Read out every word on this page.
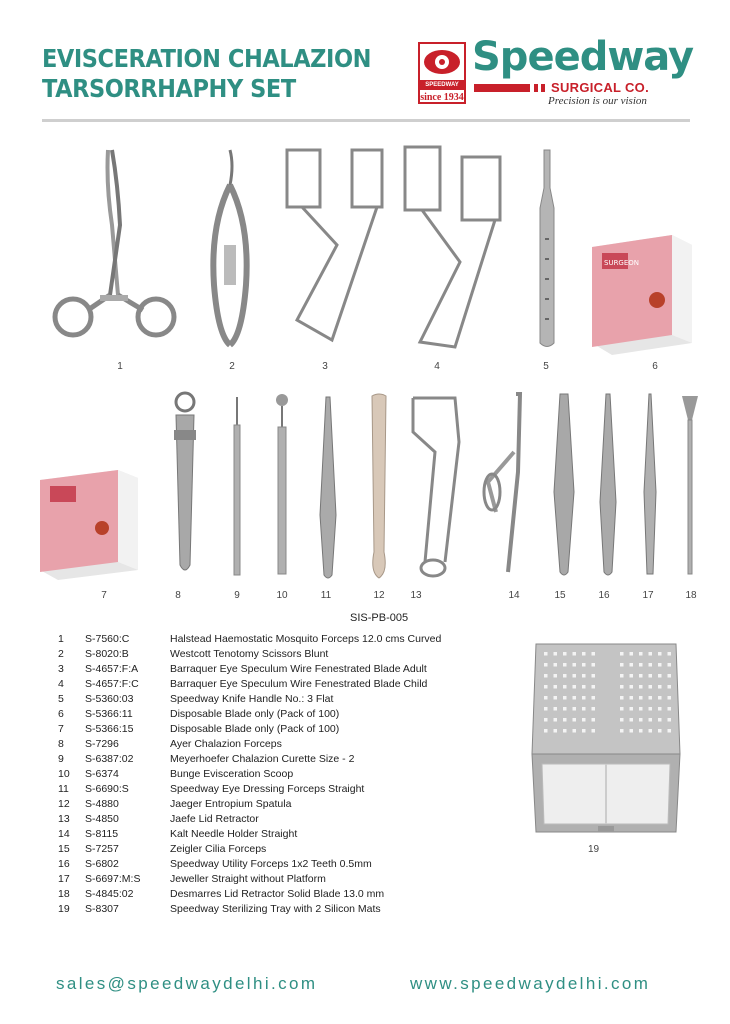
EVISCERATION CHALAZION
TARSORRHAPHY SET	SPEEDWAY
since 1934
Speedway
SURGICAL CO.
Precision is our vision
SURGEON
1	2	3	4	5	6
7	8	9	10	11	12	13	14	15	16	17	18
SIS-PB-005
1	S-7560:C	Halstead Haemostatic Mosquito Forceps 12.0 cms Curved
2	S-8020:B	Westcott Tenotomy Scissors Blunt
3	S-4657:F:A	Barraquer Eye Speculum Wire Fenestrated Blade Adult
4	S-4657:F:C	Barraquer Eye Speculum Wire Fenestrated Blade Child
5	S-5360:03	Speedway Knife Handle No.: 3 Flat
6	S-5366:11	Disposable Blade only (Pack of 100)
7	S-5366:15	Disposable Blade only (Pack of 100)
8	S-7296	Ayer Chalazion Forceps
9	S-6387:02	Meyerhoefer Chalazion Curette Size - 2
10	S-6374	Bunge Evisceration Scoop
11	S-6690:S	Speedway Eye Dressing Forceps Straight
12	S-4880	Jaeger Entropium Spatula
13	S-4850	Jaefe Lid Retractor
14	S-8115	Kalt Needle Holder Straight
15	S-7257	Zeigler Cilia Forceps
16	S-6802	Speedway Utility Forceps 1x2 Teeth 0.5mm
17	S-6697:M:S	Jeweller Straight without Platform
18	S-4845:02	Desmarres Lid Retractor Solid Blade 13.0 mm
19	S-8307	Speedway Sterilizing Tray with 2 Silicon Mats
19
sales@speedwaydelhi.com	www.speedwaydelhi.com
